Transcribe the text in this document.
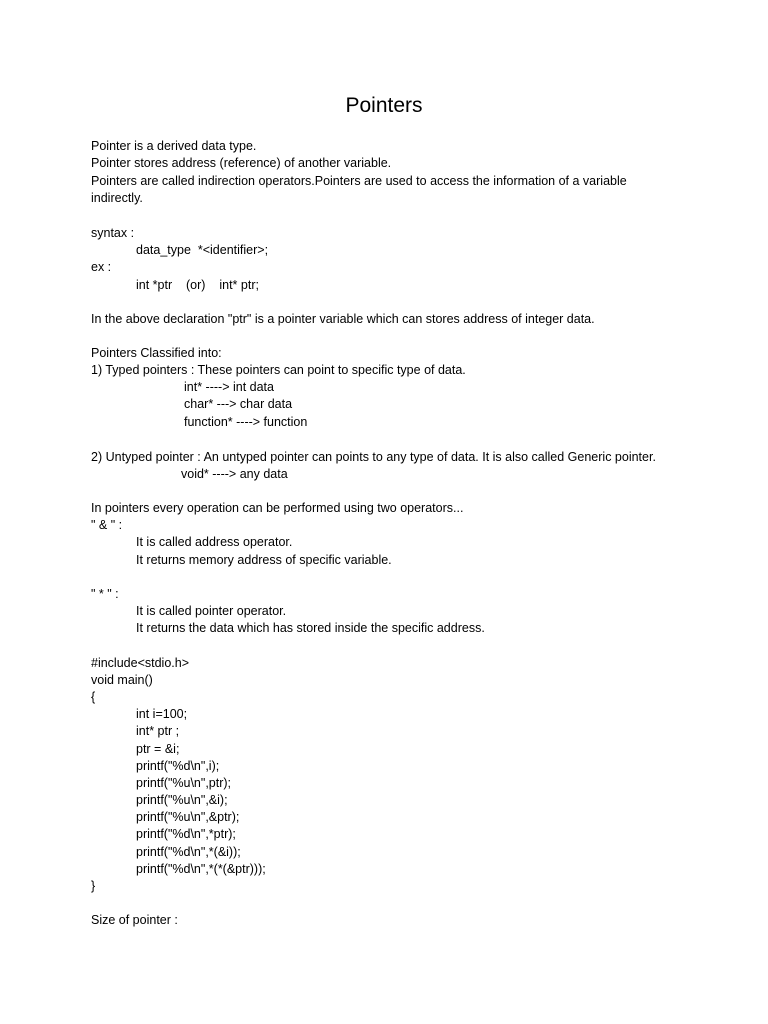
Pointers
Pointer is a derived data type.
Pointer stores address (reference) of another variable.
Pointers are called indirection operators.Pointers are used to access the information of a variable
indirectly.
syntax :
data_type  *<identifier>;
ex :
int *ptr    (or)    int* ptr;
In the above declaration "ptr" is a pointer variable which can stores address of integer data.
Pointers Classified into:
1) Typed pointers : These pointers can point to specific type of data.
int* ----> int data
char* ---> char data
function* ----> function
2) Untyped pointer : An untyped pointer can points to any type of data. It is also called Generic pointer.
void* ----> any data
In pointers every operation can be performed using two operators...
" & " :
It is called address operator.
It returns memory address of specific variable.
" * " :
It is called pointer operator.
It returns the data which has stored inside the specific address.
#include<stdio.h>
void main()
{
int i=100;
int* ptr ;
ptr = &i;
printf("%d\n",i);
printf("%u\n",ptr);
printf("%u\n",&i);
printf("%u\n",&ptr);
printf("%d\n",*ptr);
printf("%d\n",*(&i));
printf("%d\n",*(*(&ptr)));
}
Size of pointer :
